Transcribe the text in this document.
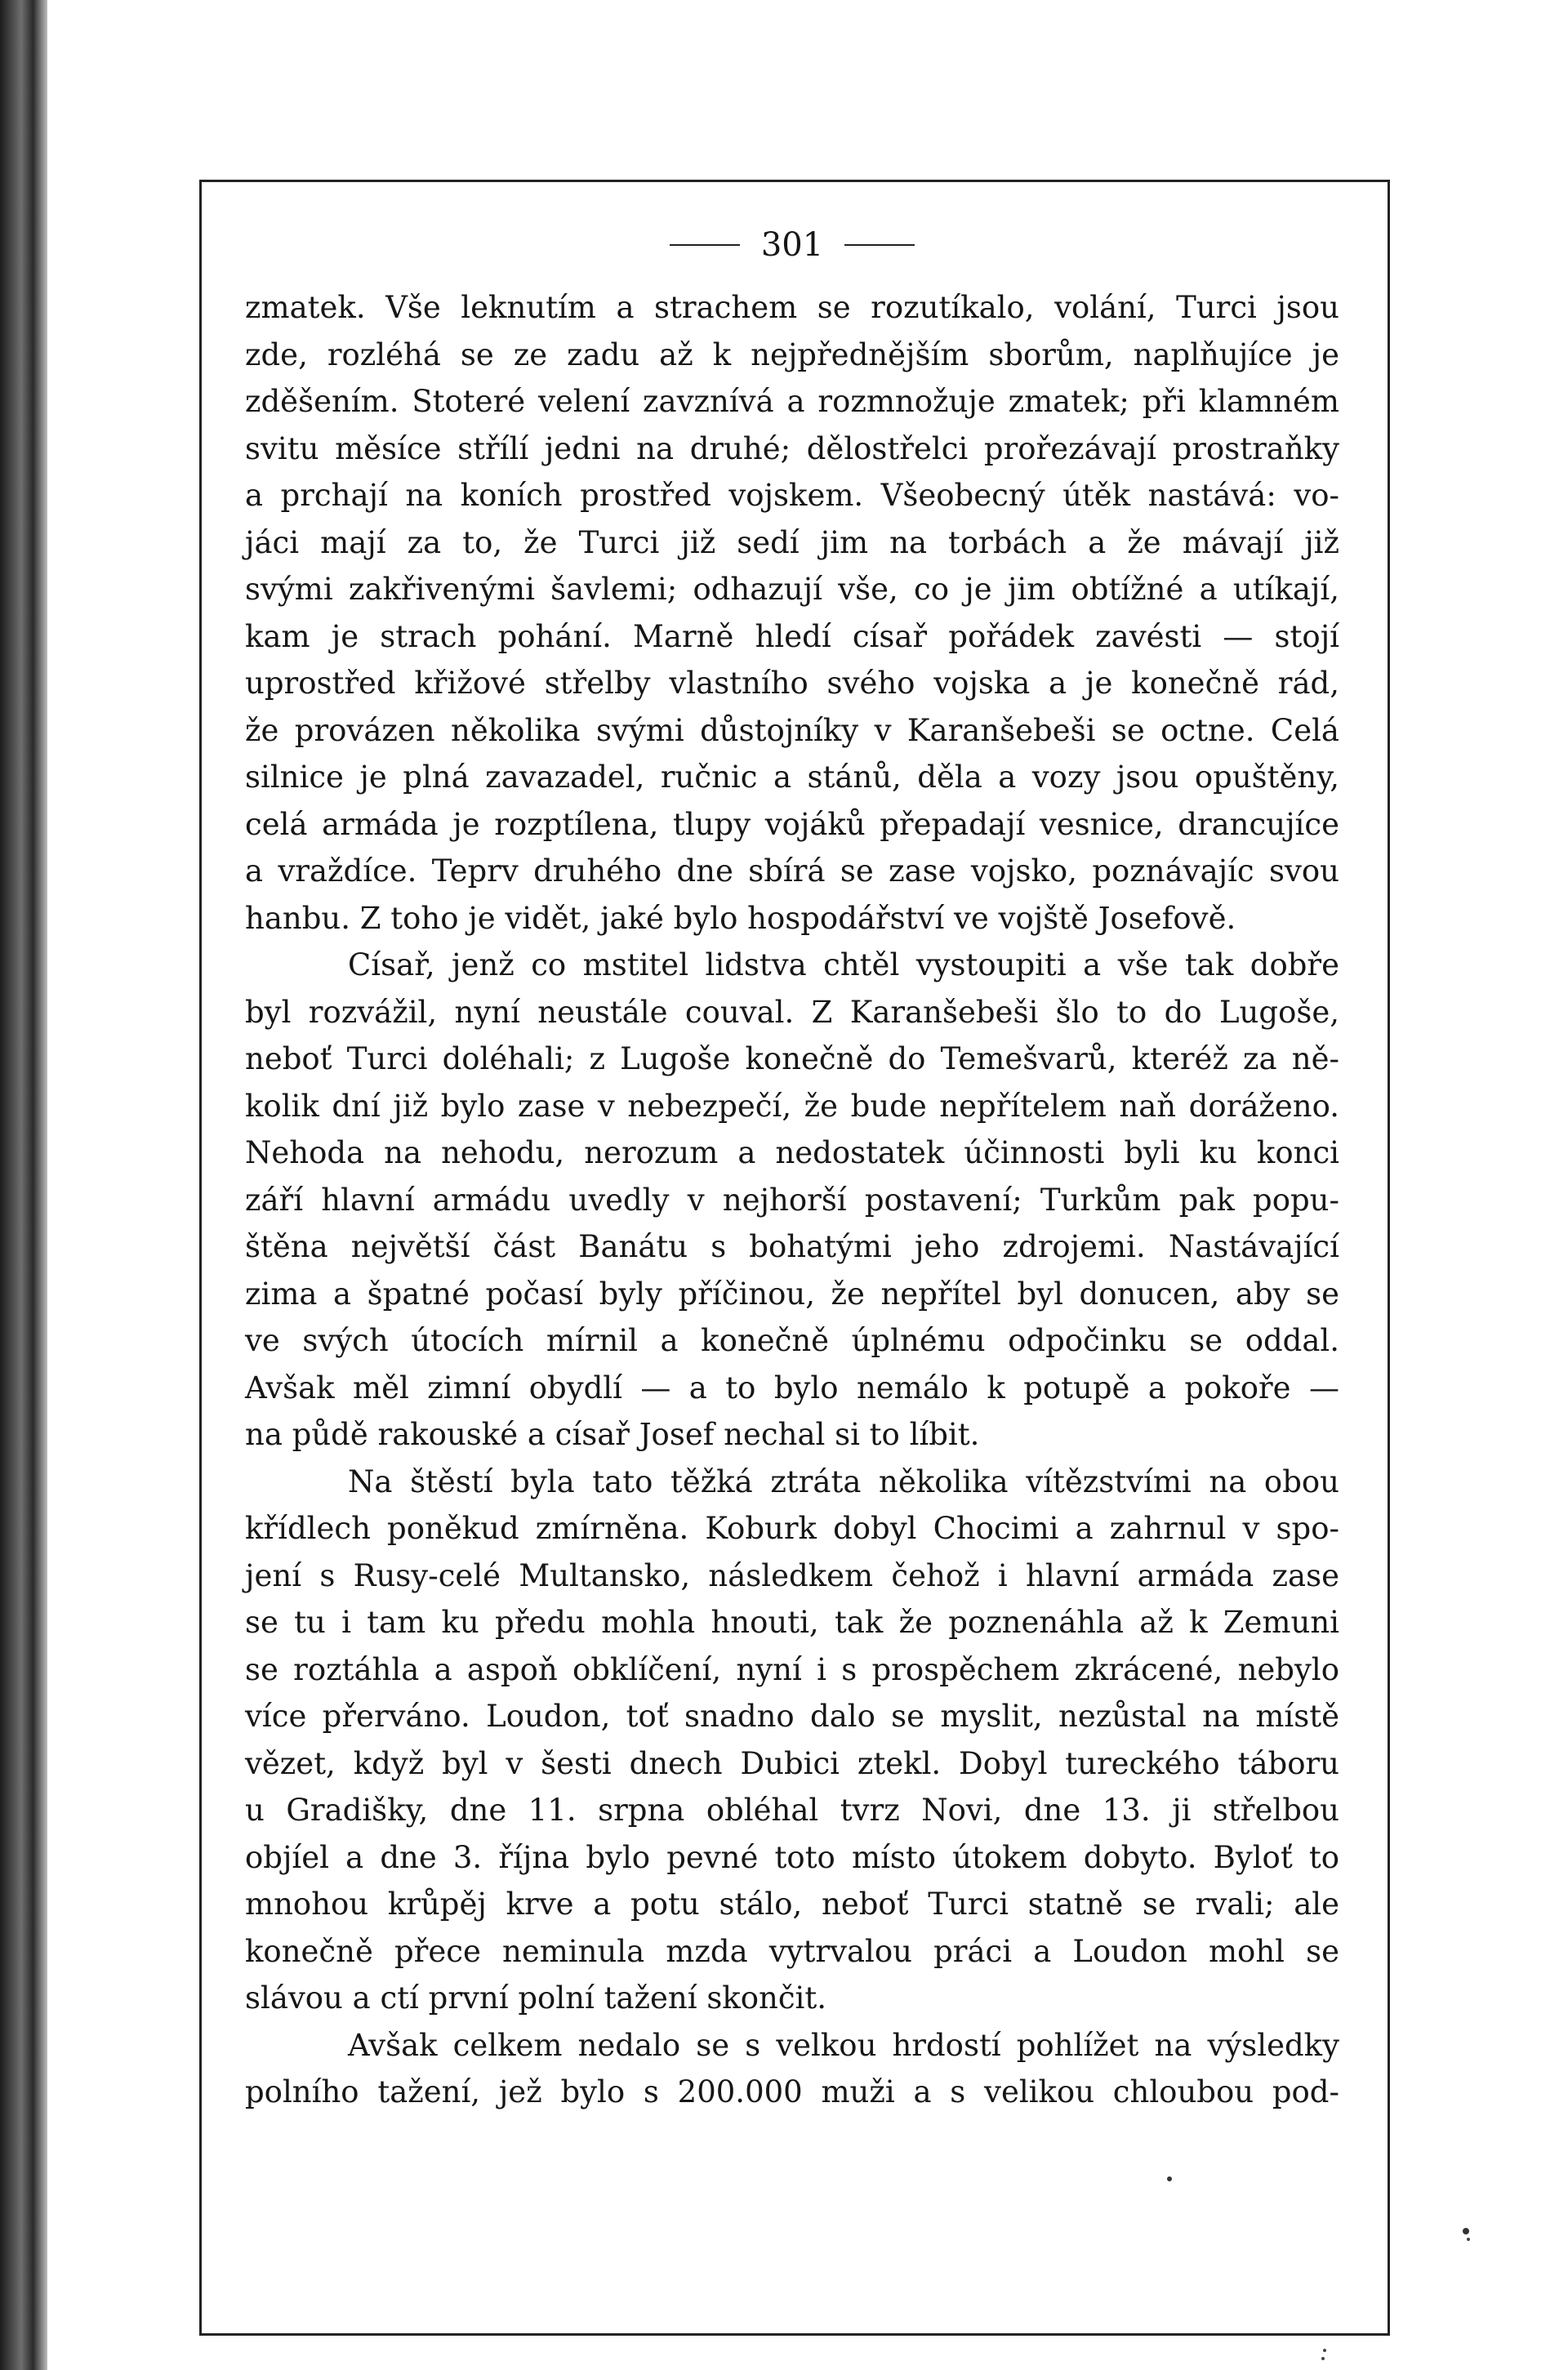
301
zmatek. Vše leknutím a strachem se rozutíkalo, volání, Turci jsou
zde, rozléhá se ze zadu až k nejpřednějším sborům, naplňujíce je
zděšením. Stoteré velení zavznívá a rozmnožuje zmatek; při klamném
svitu měsíce střílí jedni na druhé; dělostřelci prořezávají prostraňky
a prchají na koních prostřed vojskem. Všeobecný útěk nastává: vo-
jáci mají za to, že Turci již sedí jim na torbách a že mávají již
svými zakřivenými šavlemi; odhazují vše, co je jim obtížné a utíkají,
kam je strach pohání. Marně hledí císař pořádek zavésti — stojí
uprostřed křižové střelby vlastního svého vojska a je konečně rád,
že provázen několika svými důstojníky v Karanšebeši se octne. Celá
silnice je plná zavazadel, ručnic a stánů, děla a vozy jsou opuštěny,
celá armáda je rozptílena, tlupy vojáků přepadají vesnice, drancujíce
a vraždíce. Teprv druhého dne sbírá se zase vojsko, poznávajíc svou
hanbu. Z toho je vidět, jaké bylo hospodářství ve vojště Josefově.
Císař, jenž co mstitel lidstva chtěl vystoupiti a vše tak dobře
byl rozvážil, nyní neustále couval. Z Karanšebeši šlo to do Lugoše,
neboť Turci doléhali; z Lugoše konečně do Temešvarů, kteréž za ně-
kolik dní již bylo zase v nebezpečí, že bude nepřítelem naň doráženo.
Nehoda na nehodu, nerozum a nedostatek účinnosti byli ku konci
září hlavní armádu uvedly v nejhorší postavení; Turkům pak popu-
štěna největší část Banátu s bohatými jeho zdrojemi. Nastávající
zima a špatné počasí byly příčinou, že nepřítel byl donucen, aby se
ve svých útocích mírnil a konečně úplnému odpočinku se oddal.
Avšak měl zimní obydlí — a to bylo nemálo k potupě a pokoře —
na půdě rakouské a císař Josef nechal si to líbit.
Na štěstí byla tato těžká ztráta několika vítězstvími na obou
křídlech poněkud zmírněna. Koburk dobyl Chocimi a zahrnul v spo-
jení s Rusy-celé Multansko, následkem čehož i hlavní armáda zase
se tu i tam ku předu mohla hnouti, tak že poznenáhla až k Zemuni
se roztáhla a aspoň obklíčení, nyní i s prospěchem zkrácené, nebylo
více přerváno. Loudon, toť snadno dalo se myslit, nezůstal na místě
vězet, když byl v šesti dnech Dubici ztekl. Dobyl tureckého táboru
u Gradišky, dne 11. srpna obléhal tvrz Novi, dne 13. ji střelbou
objíel a dne 3. října bylo pevné toto místo útokem dobyto. Bylоť to
mnohou krůpěj krve a potu stálo, neboť Turci statně se rvali; ale
konečně přece neminula mzda vytrvalou práci a Loudon mohl se
slávou a ctí první polní tažení skončit.
Avšak celkem nedalo se s velkou hrdostí pohlížet na výsledky
polního tažení, jež bylo s 200.000 muži a s velikou chloubou pod-
